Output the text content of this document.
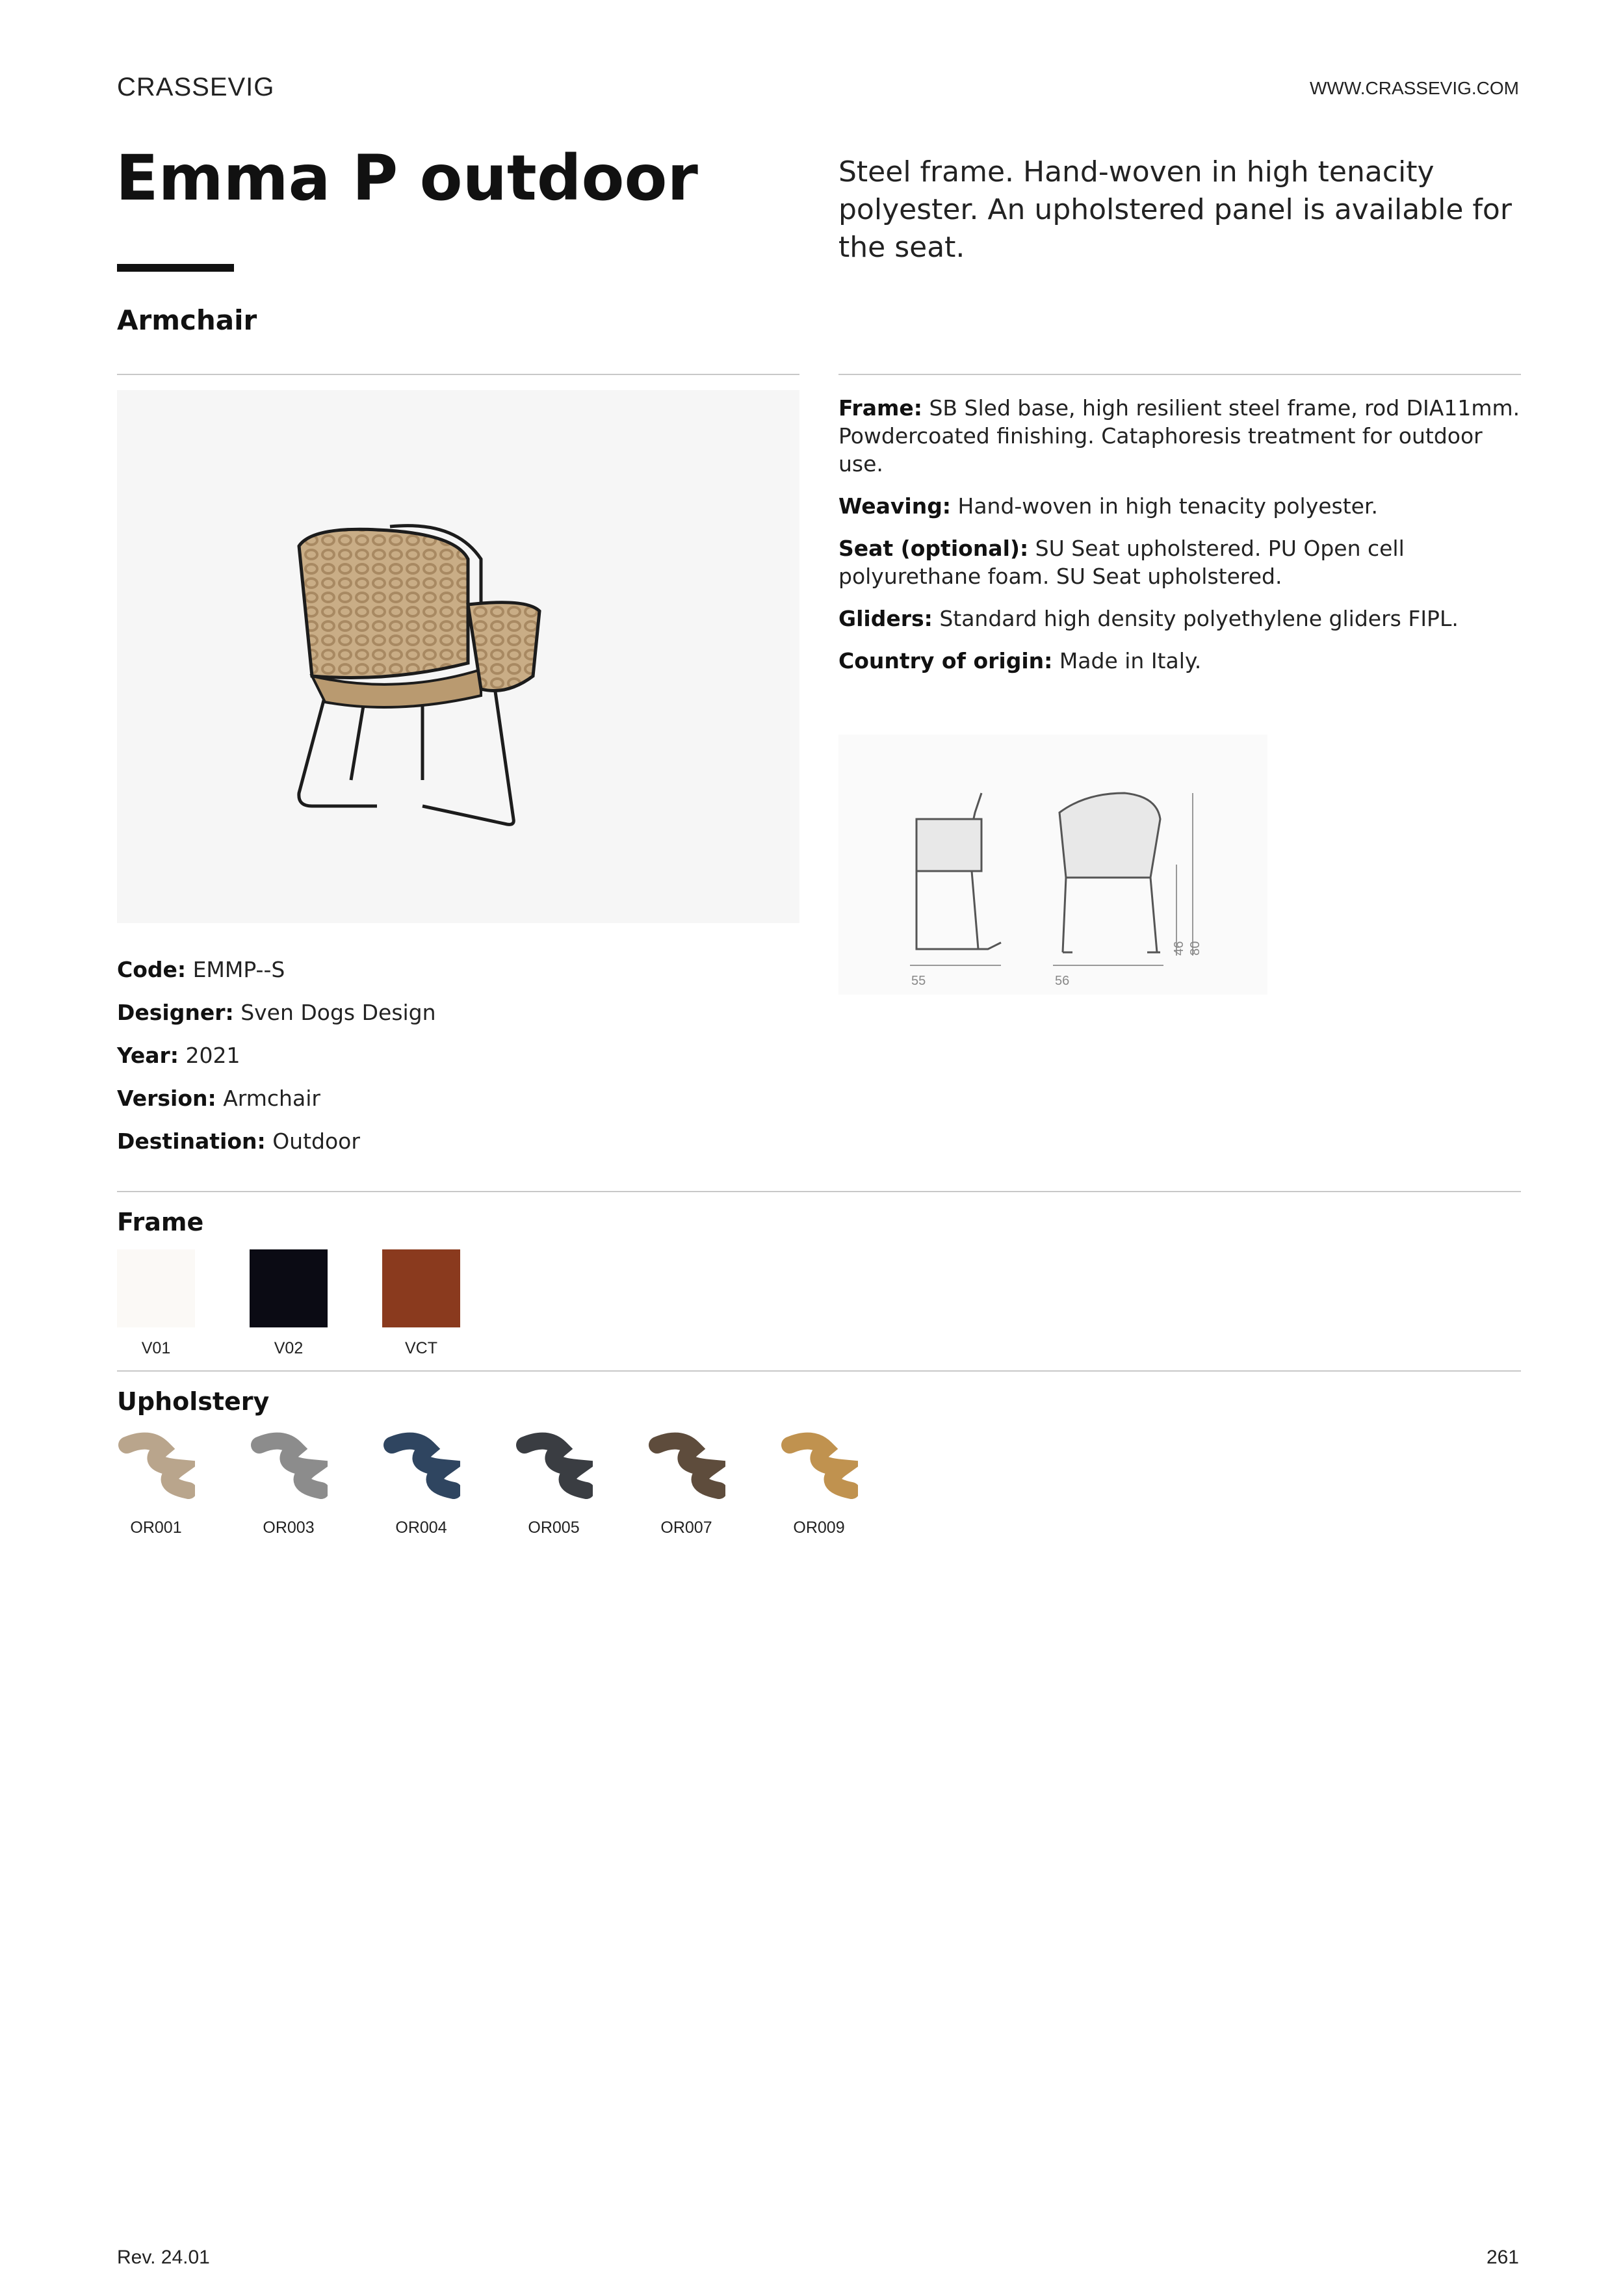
CRASSEVIG	WWW.CRASSEVIG.COM
Emma P outdoor
Armchair
Steel frame. Hand-woven in high tenacity polyester. An upholstered panel is available for the seat.

Frame: SB Sled base, high resilient steel frame, rod DIA11mm. Powdercoated finishing. Cataphoresis treatment for outdoor use.

Weaving: Hand-woven in high tenacity polyester.

Seat (optional): SU Seat upholstered. PU Open cell polyurethane foam. SU Seat upholstered.

Gliders: Standard high density polyethylene gliders FIPL.

Country of origin: Made in Italy.

55	56
46 80

Code: EMMP--S

Designer: Sven Dogs Design

Year: 2021

Version: Armchair

Destination: Outdoor

Frame
V01	V02	VCT
Upholstery
OR001	OR003	OR004	OR005	OR007	OR009
Rev. 24.01	261
